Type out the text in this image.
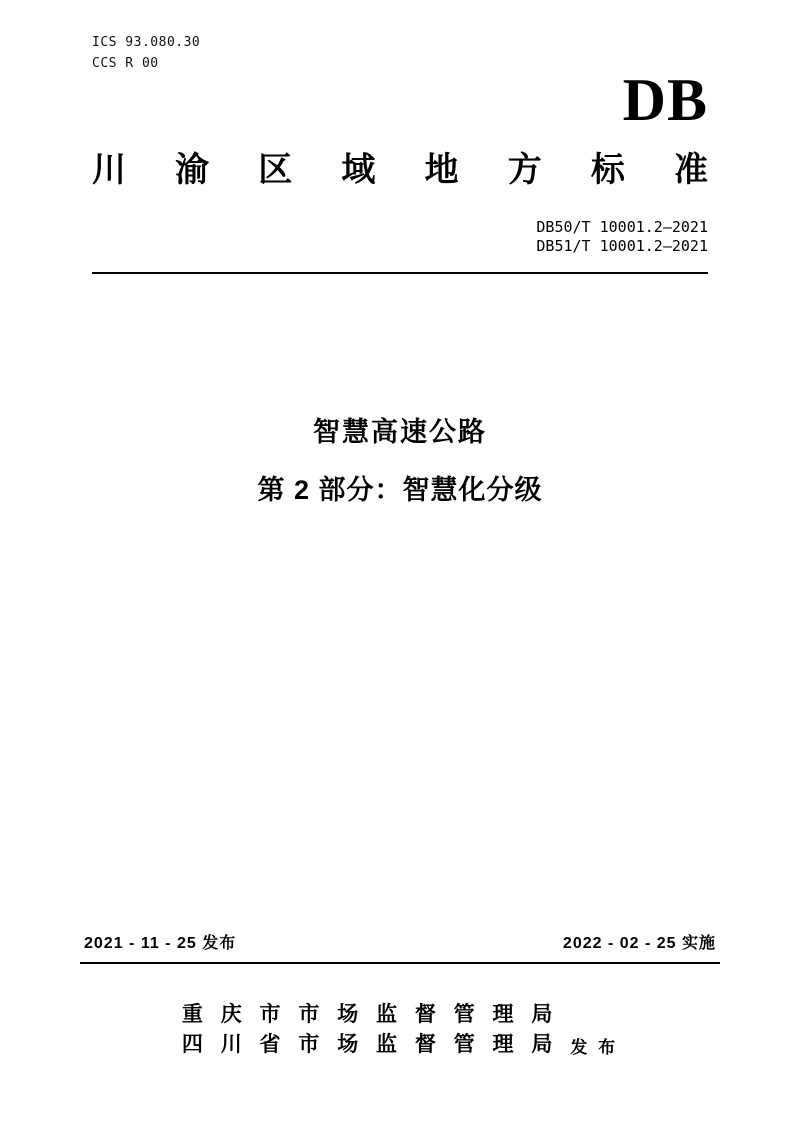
ICS 93.080.30
CCS R 00
DB
川 渝 区 域 地 方 标 准
DB50/T 10001.2—2021
DB51/T 10001.2—2021
智慧高速公路
第 2 部分：智慧化分级
2021 - 11 - 25 发布	2022 - 02 - 25 实施
重 庆 市 市 场 监 督 管 理 局
四 川 省 市 场 监 督 管 理 局 发 布
